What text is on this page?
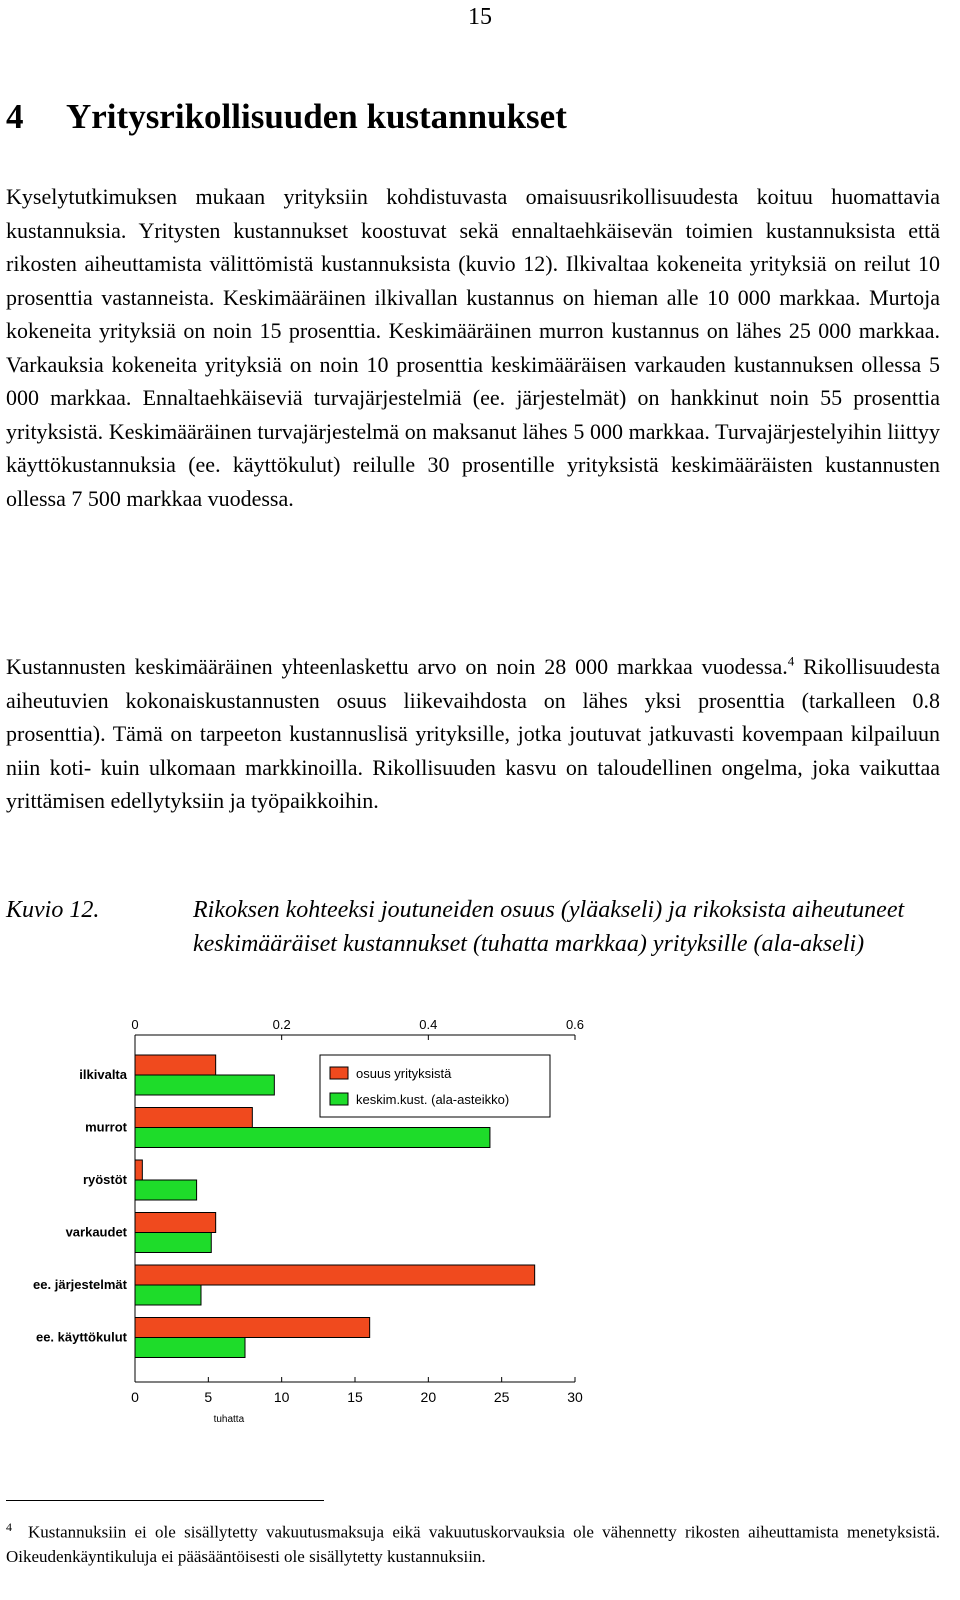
15
4 Yritysrikollisuuden kustannukset

Kyselytutkimuksen mukaan yrityksiin kohdistuvasta omaisuusrikollisuudesta koituu huomattavia kustannuksia. Yritysten kustannukset koostuvat sekä ennaltaehkäisevän toimien kustannuksista että rikosten aiheuttamista välittömistä kustannuksista (kuvio 12). Ilkivaltaa kokeneita yrityksiä on reilut 10 prosenttia vastanneista. Keskimääräinen ilkivallan kustannus on hieman alle 10 000 markkaa. Murtoja kokeneita yrityksiä on noin 15 prosenttia. Keskimääräinen murron kustannus on lähes 25 000 markkaa. Varkauksia kokeneita yrityksiä on noin 10 prosenttia keskimääräisen varkauden kustannuksen ollessa 5 000 markkaa. Ennaltaehkäiseviä turvajärjestelmiä (ee. järjestelmät) on hankkinut noin 55 prosenttia yrityksistä. Keskimääräinen turvajärjestelmä on maksanut lähes 5 000 markkaa. Turvajärjestelyihin liittyy käyttökustannuksia (ee. käyttökulut) reilulle 30 prosentille yrityksistä keskimääräisten kustannusten ollessa 7 500 markkaa vuodessa.

Kustannusten keskimääräinen yhteenlaskettu arvo on noin 28 000 markkaa vuodessa.$^4$ Rikollisuudesta aiheutuvien kokonaiskustannusten osuus liikevaihdosta on lähes yksi prosenttia (tarkalleen 0.8 prosenttia). Tämä on tarpeeton kustannuslisä yrityksille, jotka joutuvat jatkuvasti kovempaan kilpailuun niin koti- kuin ulkomaan markkinoilla. Rikollisuuden kasvu on taloudellinen ongelma, joka vaikuttaa yrittämisen edellytyksiin ja työpaikkoihin.

Kuvio 12.	Rikoksen kohteeksi joutuneiden osuus (yläakseli) ja rikoksista aiheutuneet keskimääräiset kustannukset (tuhatta markkaa) yrityksille (ala-akseli)

0	0.2	0.4	0.6
0	5	10	15	20	25	30
tuhatta
ilkivalta
murrot
ryöstöt
varkaudet
ee. järjestelmät
ee. käyttökulut
osuus yrityksistä
keskim.kust. (ala-asteikko)
$^4$ Kustannuksiin ei ole sisällytetty vakuutusmaksuja eikä vakuutuskorvauksia ole vähennetty rikosten aiheuttamista menetyksistä. Oikeudenkäyntikuluja ei pääsääntöisesti ole sisällytetty kustannuksiin.
